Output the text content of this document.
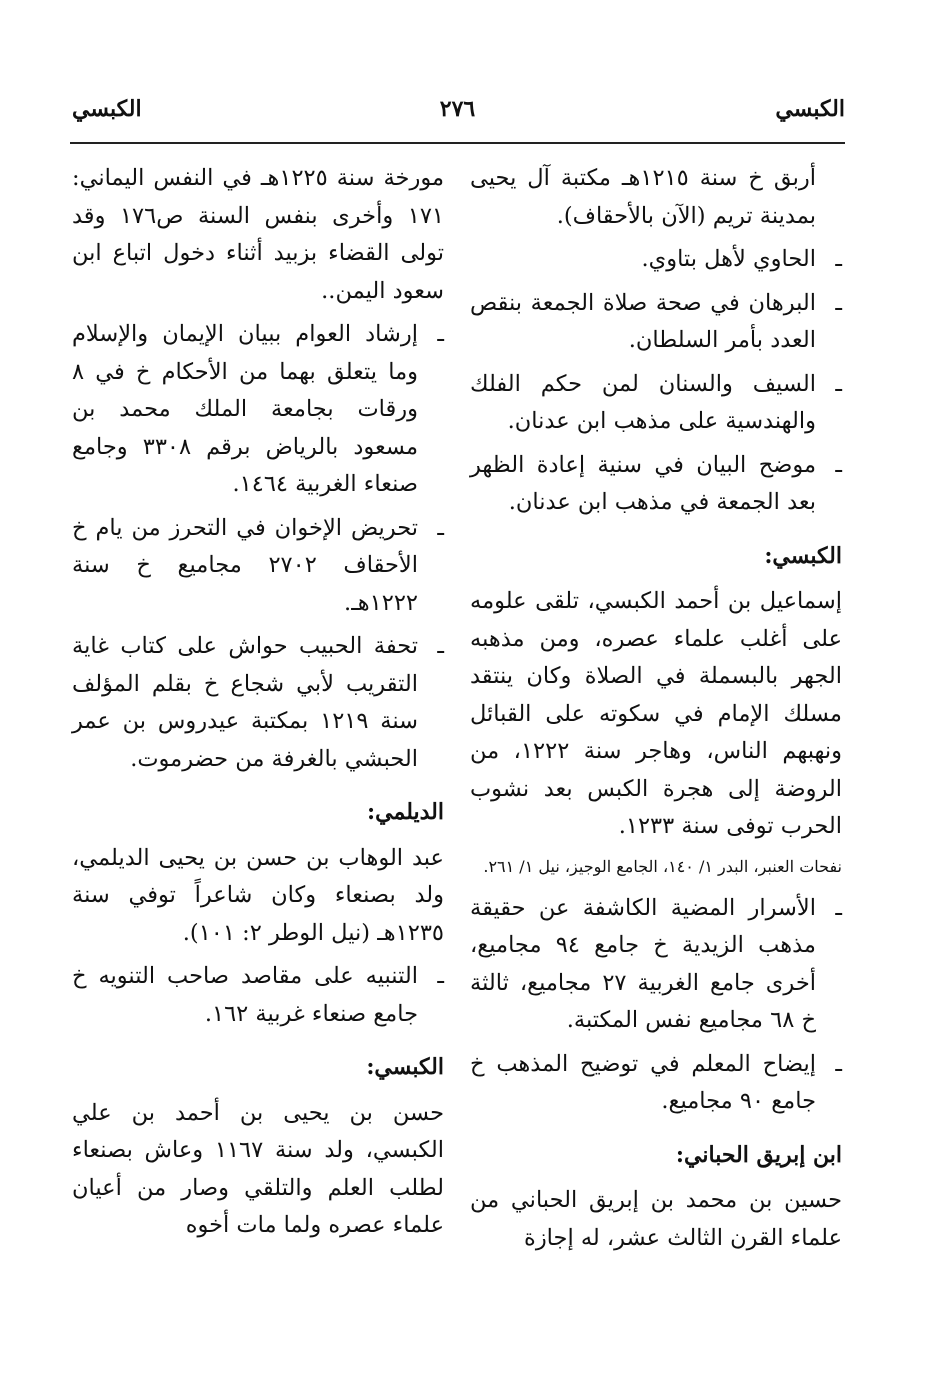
الكبسي
٢٧٦
الكبسي
أربق خ سنة ١٢١٥هـ مكتبة آل يحيى بمدينة تريم (الآن بالأحقاف).
ـ
الحاوي لأهل بتاوي.
ـ
البرهان في صحة صلاة الجمعة بنقص العدد بأمر السلطان.
ـ
السيف والسنان لمن حكم الفلك والهندسية على مذهب ابن عدنان.
ـ
موضح البيان في سنية إعادة الظهر بعد الجمعة في مذهب ابن عدنان.
الكبسي:
إسماعيل بن أحمد الكبسي، تلقى علومه على أغلب علماء عصره، ومن مذهبه الجهر بالبسملة في الصلاة وكان ينتقد مسلك الإمام في سكوته على القبائل ونهبهم الناس، وهاجر سنة ١٢٢٢، من الروضة إلى هجرة الكبس بعد نشوب الحرب توفى سنة ١٢٣٣.
نفحات العنبر، البدر ١/ ١٤٠، الجامع الوجيز، نيل ١/ ٢٦١.
ـ
الأسرار المضية الكاشفة عن حقيقة مذهب الزيدية خ جامع ٩٤ مجاميع، أخرى جامع الغربية ٢٧ مجاميع، ثالثة خ ٦٨ مجاميع نفس المكتبة.
ـ
إيضاح المعلم في توضيح المذهب خ جامع ٩٠ مجاميع.
ابن إبريق الحباني:
حسين بن محمد بن إبريق الحباني من علماء القرن الثالث عشر، له إجازة
مورخة سنة ١٢٢٥هـ في النفس اليماني: ١٧١ وأخرى بنفس السنة ص١٧٦ وقد تولى القضاء بزبيد أثناء دخول اتباع ابن سعود اليمن..
ـ
إرشاد العوام ببيان الإيمان والإسلام وما يتعلق بهما من الأحكام خ في ٨ ورقات بجامعة الملك محمد بن مسعود بالرياض برقم ٣٣٠٨ وجامع صنعاء الغربية ١٤٦٤.
ـ
تحريض الإخوان في التحرز من يام خ الأحقاف ٢٧٠٢ مجاميع خ سنة ١٢٢٢هـ.
ـ
تحفة الحبيب حواش على كتاب غاية التقريب لأبي شجاع خ بقلم المؤلف سنة ١٢١٩ بمكتبة عيدروس بن عمر الحبشي بالغرفة من حضرموت.
الديلمي:
عبد الوهاب بن حسن بن يحيى الديلمي، ولد بصنعاء وكان شاعراً توفي سنة ١٢٣٥هـ (نيل الوطر ٢: ١٠١).
ـ
التنبيه على مقاصد صاحب التنويه خ جامع صنعاء غربية ١٦٢.
الكبسي:
حسن بن يحيى بن أحمد بن علي الكبسي، ولد سنة ١١٦٧ وعاش بصنعاء لطلب العلم والتلقي وصار من أعيان علماء عصره ولما مات أخوه
